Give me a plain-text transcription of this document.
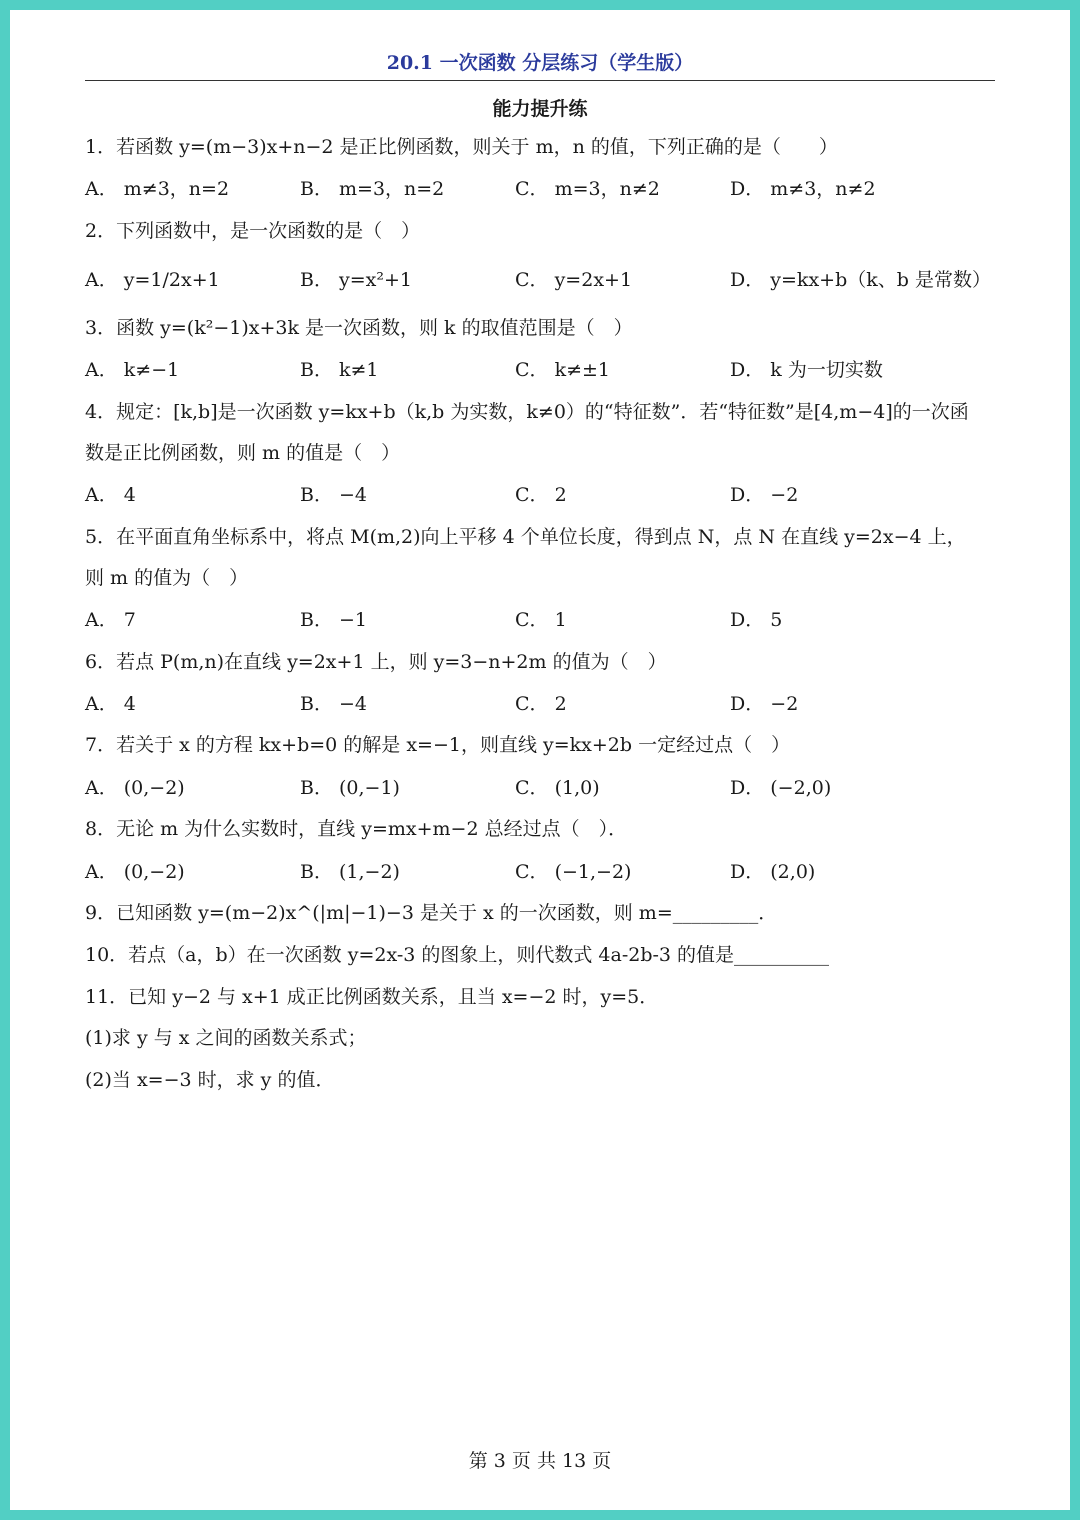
20.1 一次函数 分层练习（学生版）
能力提升练
1．若函数 y=(m−3)x+n−2 是正比例函数，则关于 m，n 的值，下列正确的是（　　）
A． m≠3，n=2	B． m=3，n=2	C． m=3，n≠2	D． m≠3，n≠2
2．下列函数中，是一次函数的是（　）
A． y=1/2x+1	B． y=x²+1	C． y=2x+1	D． y=kx+b（k、b 是常数）
3．函数 y=(k²−1)x+3k 是一次函数，则 k 的取值范围是（　）
A． k≠−1	B． k≠1	C． k≠±1	D． k 为一切实数
4．规定：[k,b]是一次函数 y=kx+b（k,b 为实数，k≠0）的“特征数”．若“特征数”是[4,m−4]的一次函
数是正比例函数，则 m 的值是（　）
A． 4	B． −4	C． 2	D． −2
5．在平面直角坐标系中，将点 M(m,2)向上平移 4 个单位长度，得到点 N，点 N 在直线 y=2x−4 上，
则 m 的值为（　）
A． 7	B． −1	C． 1	D． 5
6．若点 P(m,n)在直线 y=2x+1 上，则 y=3−n+2m 的值为（　）
A． 4	B． −4	C． 2	D． −2
7．若关于 x 的方程 kx+b=0 的解是 x=−1，则直线 y=kx+2b 一定经过点（　）
A． (0,−2)	B． (0,−1)	C． (1,0)	D． (−2,0)
8．无论 m 为什么实数时，直线 y=mx+m−2 总经过点（　）．
A． (0,−2)	B． (1,−2)	C． (−1,−2)	D． (2,0)
9．已知函数 y=(m−2)x^(|m|−1)−3 是关于 x 的一次函数，则 m=_________．
10．若点（a，b）在一次函数 y=2x-3 的图象上，则代数式 4a-2b-3 的值是__________
11．已知 y−2 与 x+1 成正比例函数关系，且当 x=−2 时，y=5．
(1)求 y 与 x 之间的函数关系式；
(2)当 x=−3 时，求 y 的值．
第 3 页 共 13 页
